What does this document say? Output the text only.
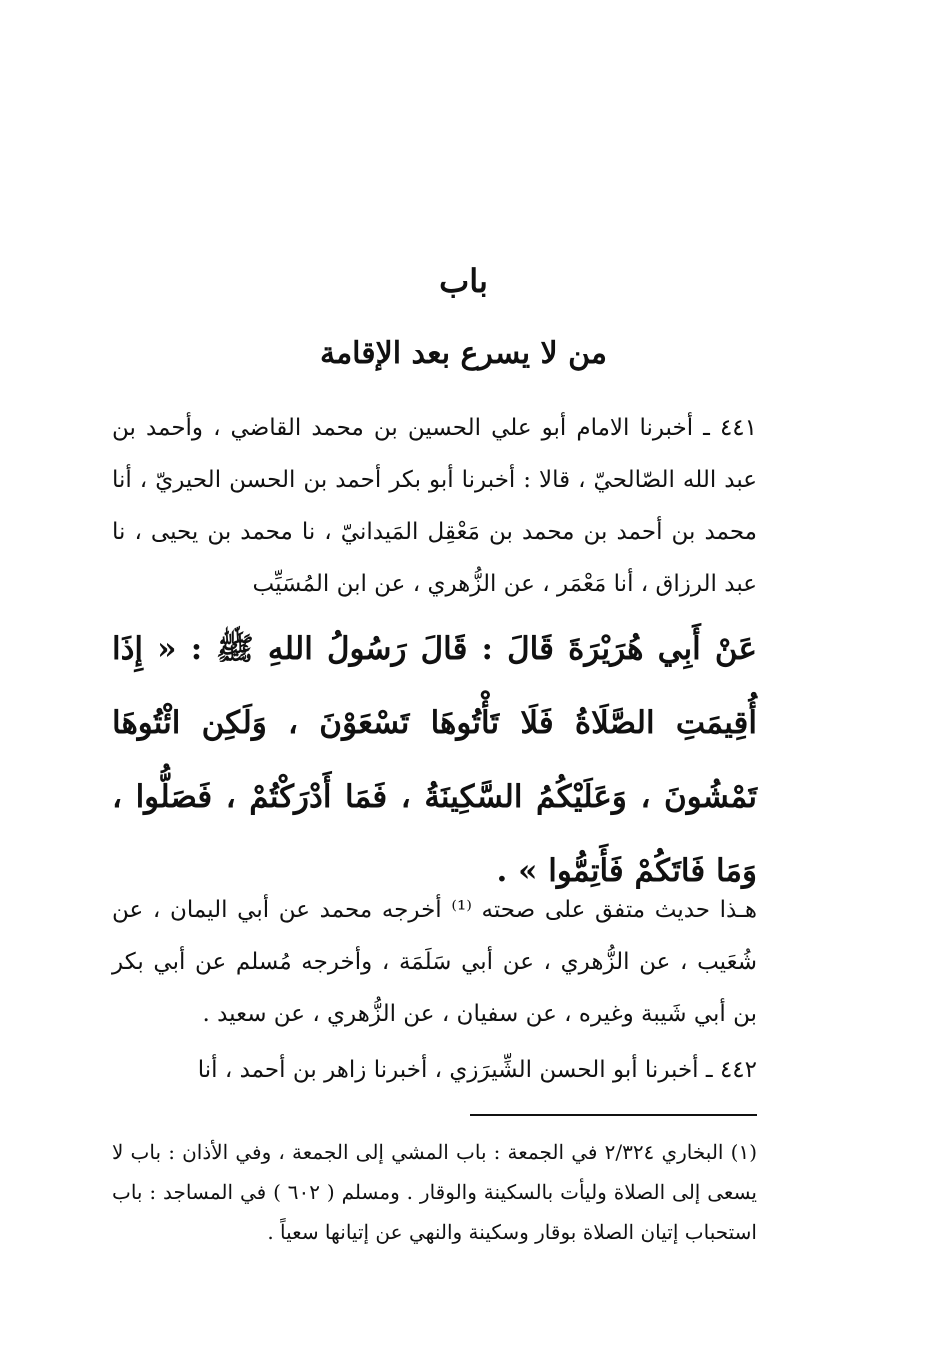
باب
من لا يسرع بعد الإقامة

٤٤١ ـ أخبرنا الامام أبو علي الحسين بن محمد القاضي ، وأحمد بن عبد الله الصّالحيّ ، قالا : أخبرنا أبو بكر أحمد بن الحسن الحيريّ ، أنا محمد بن أحمد بن محمد بن مَعْقِل المَيدانيّ ، نا محمد بن يحيى ، نا عبد الرزاق ، أنا مَعْمَر ، عن الزُّهري ، عن ابن المُسَيِّب

عَنْ أَبِي هُرَيْرَةَ قَالَ : قَالَ رَسُولُ اللهِ ﷺ : « إِذَا أُقِيمَتِ الصَّلَاةُ فَلَا تَأْتُوهَا تَسْعَوْنَ ، وَلَكِن ائْتُوهَا تَمْشُونَ ، وَعَلَيْكُمُ السَّكِينَةُ ، فَمَا أَدْرَكْتُمْ ، فَصَلُّوا ، وَمَا فَاتَكُمْ فَأَتِمُّوا » .

هـذا حديث متفق على صحته ⁽¹⁾ أخرجه محمد عن أبي اليمان ، عن شُعَيب ، عن الزُّهري ، عن أبي سَلَمَة ، وأخرجه مُسلم عن أبي بكر بن أبي شَيبة وغيره ، عن سفيان ، عن الزُّهري ، عن سعيد .

٤٤٢ ـ أخبرنا أبو الحسن الشِّيرَزي ، أخبرنا زاهر بن أحمد ، أنا

(١) البخاري ٢/٣٢٤ في الجمعة : باب المشي إلى الجمعة ، وفي الأذان : باب لا يسعى إلى الصلاة وليأت بالسكينة والوقار . ومسلم ( ٦٠٢ ) في المساجد : باب استحباب إتيان الصلاة بوقار وسكينة والنهي عن إتيانها سعياً .
